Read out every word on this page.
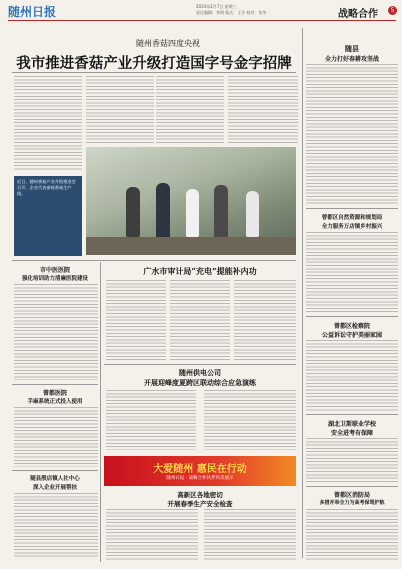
随州日报	2024年2月7日 星期三
责任编辑：李明 版式：王芳 校对：张华	战略合作	5
随州香菇四度央视
我市推进香菇产业升级打造国字号金字招牌
近日，随州香菇产业升级推进会召开，企业代表参观香菇生产线。
随县
全力打好春耕攻坚战
曾都区自然资源和规划局
全力服务万店镇乡村振兴
曾都区检察院
公益诉讼守护美丽家园
湖北卫斯联业学校
安全进考有保障
市中医医院
强化培训助力清廉医院建设
曾都医院
手麻系统正式投入使用
随县殷店镇人社中心
深入企业开展帮扶
广水市审计局“充电”提能补内功
随州供电公司
开展迎峰度夏跨区联动综合应急演练
大爱随州 惠民在行动
随州日报 · 战略合作伙伴风采展示
高新区各地密切
开展春季生产安全检查
曾都区消防局
多措并举全力为高考保驾护航
